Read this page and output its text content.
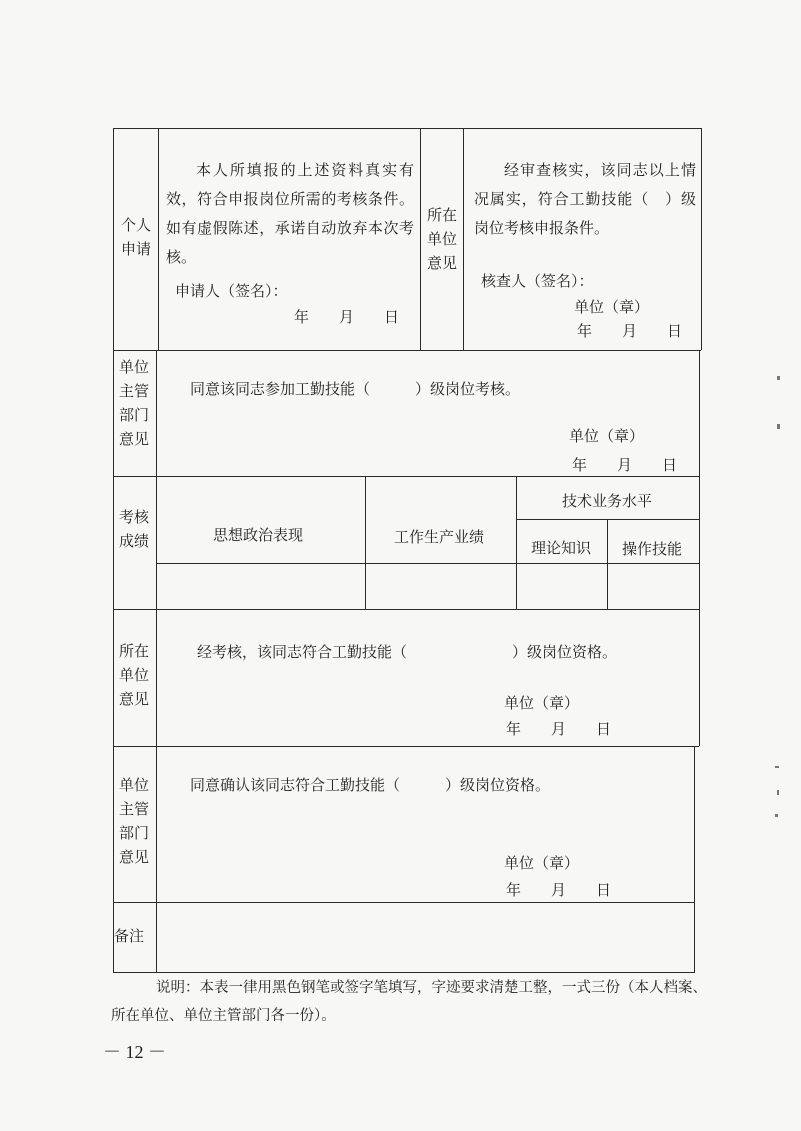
个人申请
本人所填报的上述资料真实有效，符合申报岗位所需的考核条件。如有虚假陈述，承诺自动放弃本次考核。
申请人（签名）：
年　　月　　日
所在单位意见
经审查核实，该同志以上情况属实，符合工勤技能（　）级岗位考核申报条件。
核查人（签名）：
单位（章）
年　　月　　日
单位主管部门意见
同意该同志参加工勤技能（　　　）级岗位考核。
单位（章）
年　　月　　日
考核成绩	思想政治表现	工作生产业绩
技术业务水平
理论知识 操作技能
所在单位意见
经考核，该同志符合工勤技能（　　　　　　　）级岗位资格。
单位（章）
年　　月　　日
单位主管部门意见
同意确认该同志符合工勤技能（　　　）级岗位资格。
单位（章）
年　　月　　日
备注
说明：本表一律用黑色钢笔或签字笔填写，字迹要求清楚工整，一式三份（本人档案、所在单位、单位主管部门各一份）。
－ 12 －
